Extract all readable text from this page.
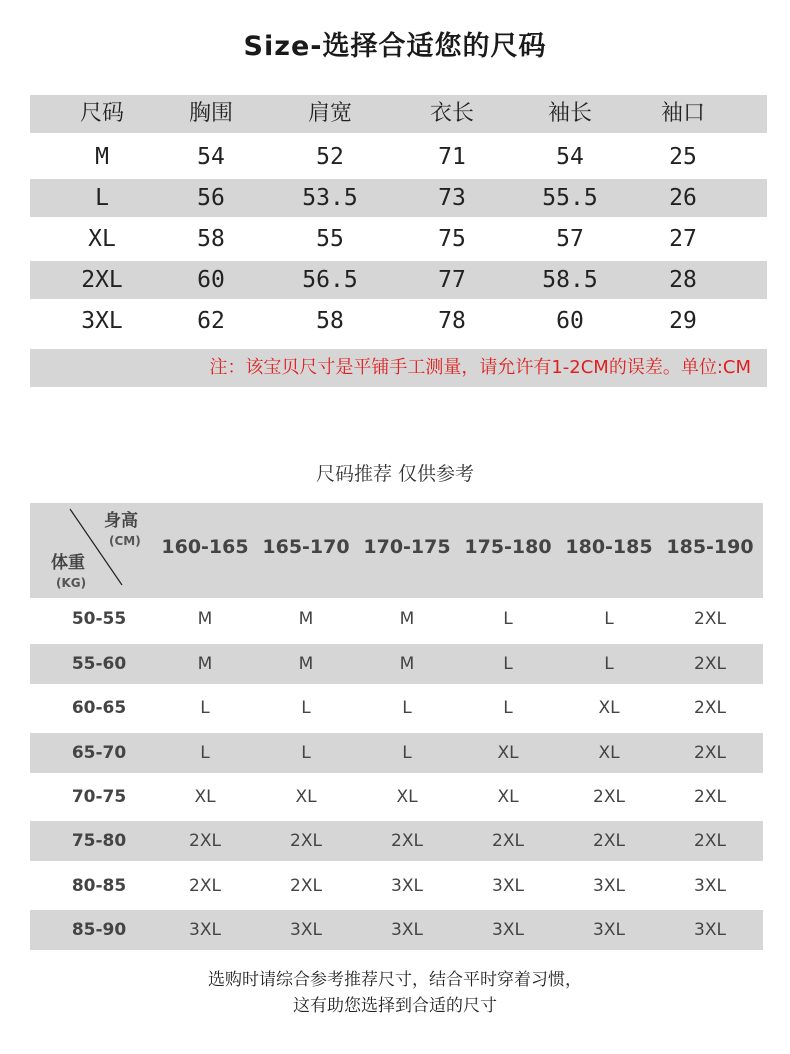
Size-选择合适您的尺码
尺码	胸围	肩宽	衣长	袖长	袖口
M	54	52	71	54	25
L	56	53.5	73	55.5	26
XL	58	55	75	57	27
2XL	60	56.5	77	58.5	28
3XL	62	58	78	60	29
注：该宝贝尺寸是平铺手工测量，请允许有1-2CM的误差。单位:CM
尺码推荐 仅供参考
身高
(CM)
体重
(KG)
160-165 165-170 170-175 175-180 180-185 185-190
50-55	M	M	M	L	L	2XL
55-60	M	M	M	L	L	2XL
60-65	L	L	L	L	XL	2XL
65-70	L	L	L	XL	XL	2XL
70-75	XL	XL	XL	XL	2XL	2XL
75-80	2XL	2XL	2XL	2XL	2XL	2XL
80-85	2XL	2XL	3XL	3XL	3XL	3XL
85-90	3XL	3XL	3XL	3XL	3XL	3XL
选购时请综合参考推荐尺寸，结合平时穿着习惯，
这有助您选择到合适的尺寸
